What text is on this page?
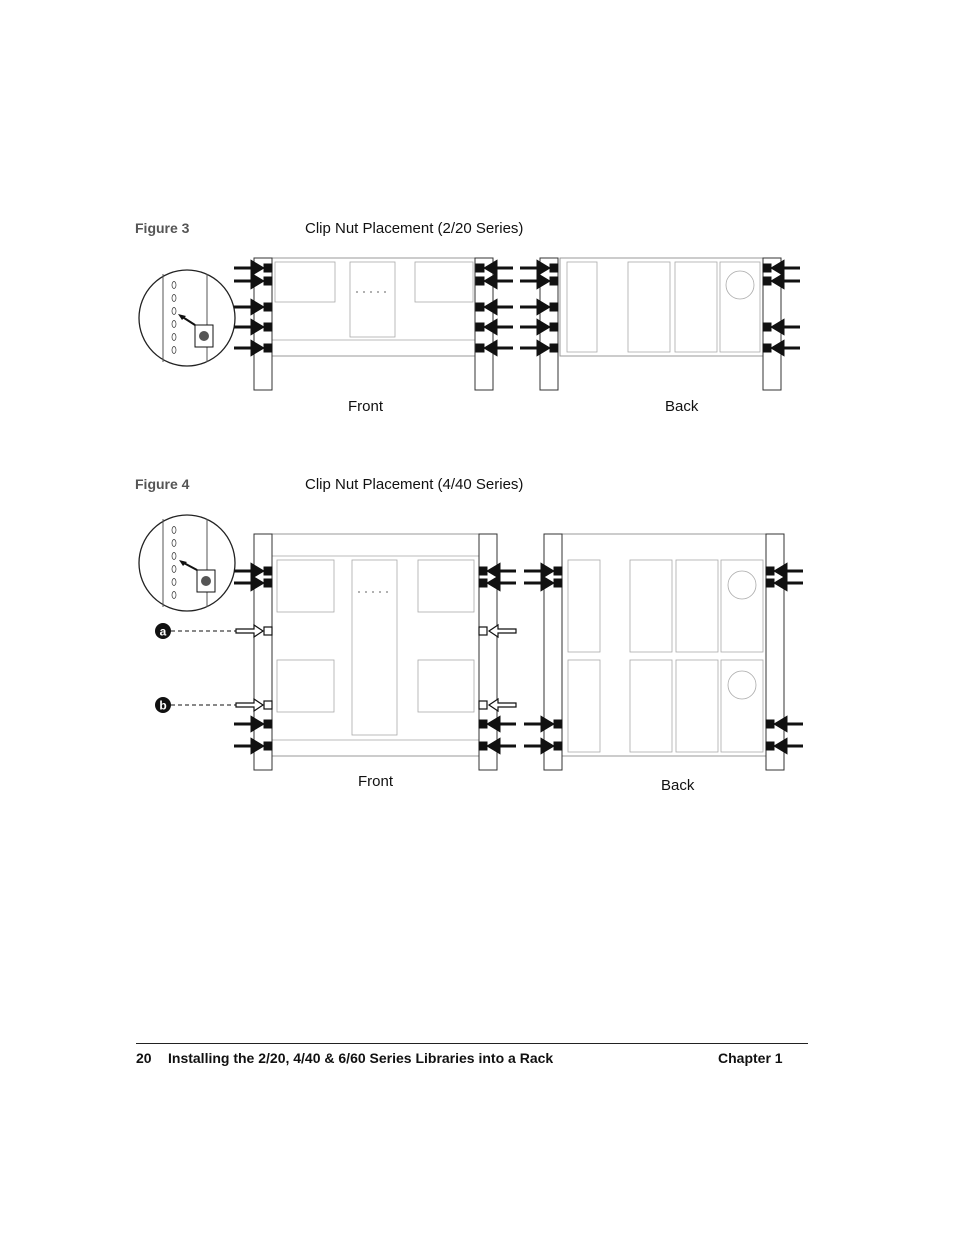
Figure 3	Clip Nut Placement (2/20 Series)
Front	Back
Figure 4	Clip Nut Placement (4/40 Series)
a
b
Front	Back
20 Installing the 2/20, 4/40 & 6/60 Series Libraries into a Rack	Chapter 1
